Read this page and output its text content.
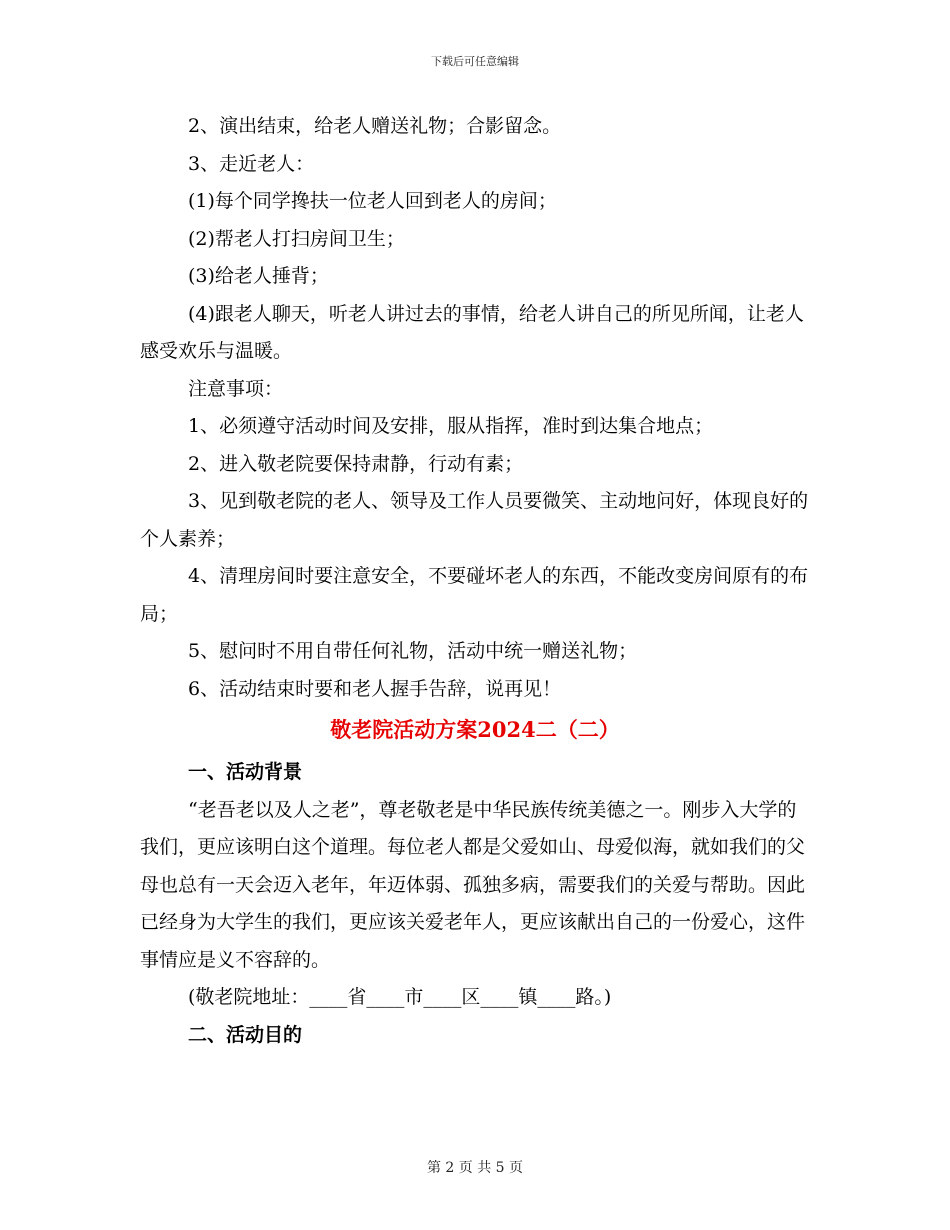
下载后可任意编辑

2、演出结束，给老人赠送礼物；合影留念。

3、走近老人：

(1)每个同学搀扶一位老人回到老人的房间；

(2)帮老人打扫房间卫生；

(3)给老人捶背；

(4)跟老人聊天，听老人讲过去的事情，给老人讲自己的所见所闻，让老人感受欢乐与温暖。

注意事项：

1、必须遵守活动时间及安排，服从指挥，准时到达集合地点；

2、进入敬老院要保持肃静，行动有素；

3、见到敬老院的老人、领导及工作人员要微笑、主动地问好，体现良好的个人素养；

4、清理房间时要注意安全，不要碰坏老人的东西，不能改变房间原有的布局；

5、慰问时不用自带任何礼物，活动中统一赠送礼物；

6、活动结束时要和老人握手告辞，说再见！

敬老院活动方案2024二（二）

一、活动背景

“老吾老以及人之老”，尊老敬老是中华民族传统美德之一。刚步入大学的我们，更应该明白这个道理。每位老人都是父爱如山、母爱似海，就如我们的父母也总有一天会迈入老年，年迈体弱、孤独多病，需要我们的关爱与帮助。因此已经身为大学生的我们，更应该关爱老年人，更应该献出自己的一份爱心，这件事情应是义不容辞的。

(敬老院地址：____省____市____区____镇____路。)

二、活动目的

第 2 页 共 5 页
